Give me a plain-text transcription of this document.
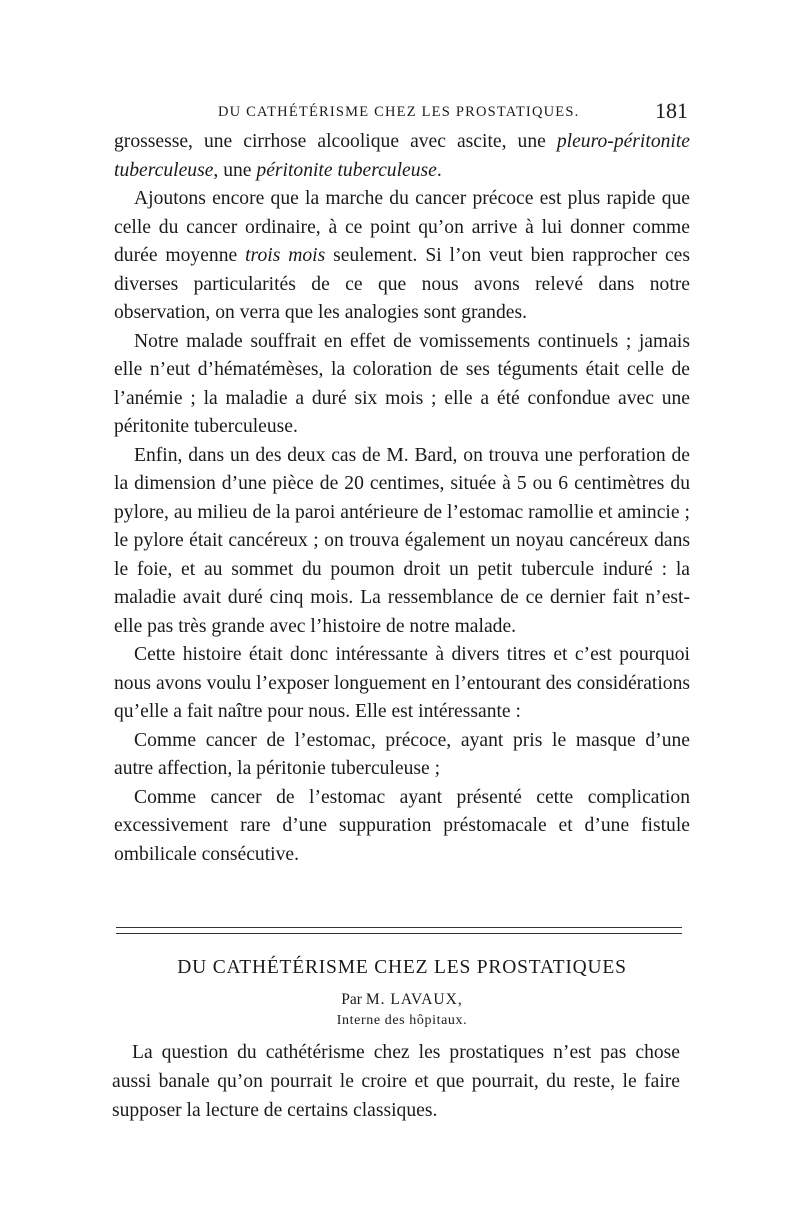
DU CATHÉTÉRISME CHEZ LES PROSTATIQUES.	181

grossesse, une cirrhose alcoolique avec ascite, une pleuro-péritonite tuberculeuse, une péritonite tuberculeuse.

Ajoutons encore que la marche du cancer précoce est plus rapide que celle du cancer ordinaire, à ce point qu’on arrive à lui donner comme durée moyenne trois mois seulement. Si l’on veut bien rapprocher ces diverses particularités de ce que nous avons relevé dans notre observation, on verra que les analogies sont grandes.

Notre malade souffrait en effet de vomissements continuels ; jamais elle n’eut d’hématémèses, la coloration de ses téguments était celle de l’anémie ; la maladie a duré six mois ; elle a été confondue avec une péritonite tuberculeuse.

Enfin, dans un des deux cas de M. Bard, on trouva une perforation de la dimension d’une pièce de 20 centimes, située à 5 ou 6 centimètres du pylore, au milieu de la paroi antérieure de l’estomac ramollie et amincie ; le pylore était cancéreux ; on trouva également un noyau cancéreux dans le foie, et au sommet du poumon droit un petit tubercule induré : la maladie avait duré cinq mois. La ressemblance de ce dernier fait n’est-elle pas très grande avec l’histoire de notre malade.

Cette histoire était donc intéressante à divers titres et c’est pourquoi nous avons voulu l’exposer longuement en l’entourant des considérations qu’elle a fait naître pour nous. Elle est intéressante :

Comme cancer de l’estomac, précoce, ayant pris le masque d’une autre affection, la péritonie tuberculeuse ;

Comme cancer de l’estomac ayant présenté cette complication excessivement rare d’une suppuration préstomacale et d’une fistule ombilicale consécutive.

DU CATHÉTÉRISME CHEZ LES PROSTATIQUES
Par M. LAVAUX,
Interne des hôpitaux.

La question du cathétérisme chez les prostatiques n’est pas chose aussi banale qu’on pourrait le croire et que pourrait, du reste, le faire supposer la lecture de certains classiques.
